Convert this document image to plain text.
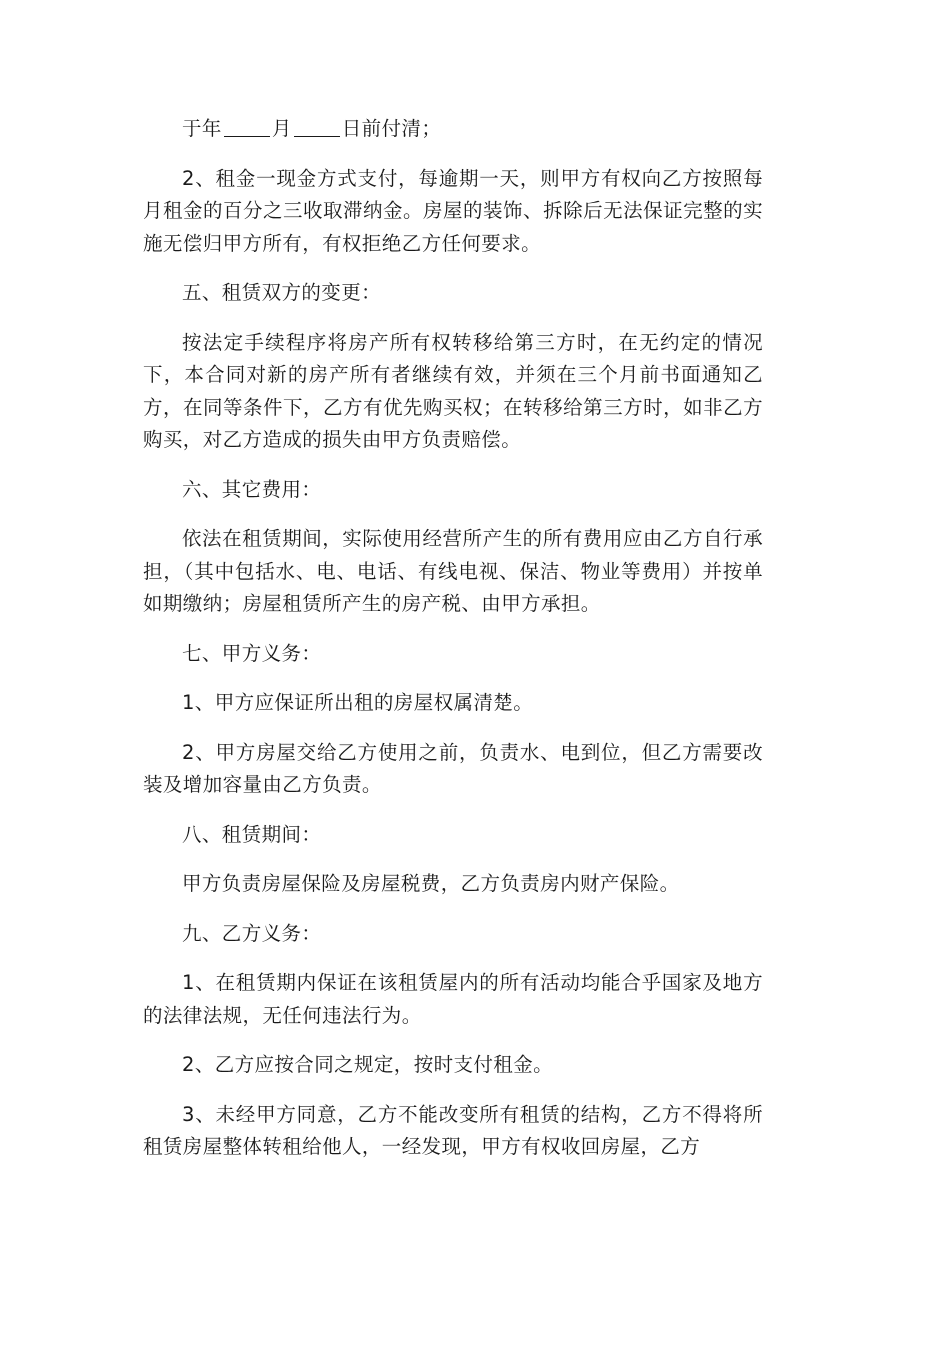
于年	月	日前付清；

2、租金一现金方式支付，每逾期一天，则甲方有权向乙方按照每月租金的百分之三收取滞纳金。房屋的装饰、拆除后无法保证完整的实施无偿归甲方所有，有权拒绝乙方任何要求。

五、租赁双方的变更：

按法定手续程序将房产所有权转移给第三方时，在无约定的情况下，本合同对新的房产所有者继续有效，并须在三个月前书面通知乙方，在同等条件下，乙方有优先购买权；在转移给第三方时，如非乙方购买，对乙方造成的损失由甲方负责赔偿。

六、其它费用：

依法在租赁期间，实际使用经营所产生的所有费用应由乙方自行承担，（其中包括水、电、电话、有线电视、保洁、物业等费用）并按单如期缴纳；房屋租赁所产生的房产税、由甲方承担。

七、甲方义务：

1、甲方应保证所出租的房屋权属清楚。

2、甲方房屋交给乙方使用之前，负责水、电到位，但乙方需要改装及增加容量由乙方负责。

八、租赁期间：

甲方负责房屋保险及房屋税费，乙方负责房内财产保险。

九、乙方义务：

1、在租赁期内保证在该租赁屋内的所有活动均能合乎国家及地方的法律法规，无任何违法行为。

2、乙方应按合同之规定，按时支付租金。

3、未经甲方同意，乙方不能改变所有租赁的结构，乙方不得将所租赁房屋整体转租给他人，一经发现，甲方有权收回房屋，乙方
